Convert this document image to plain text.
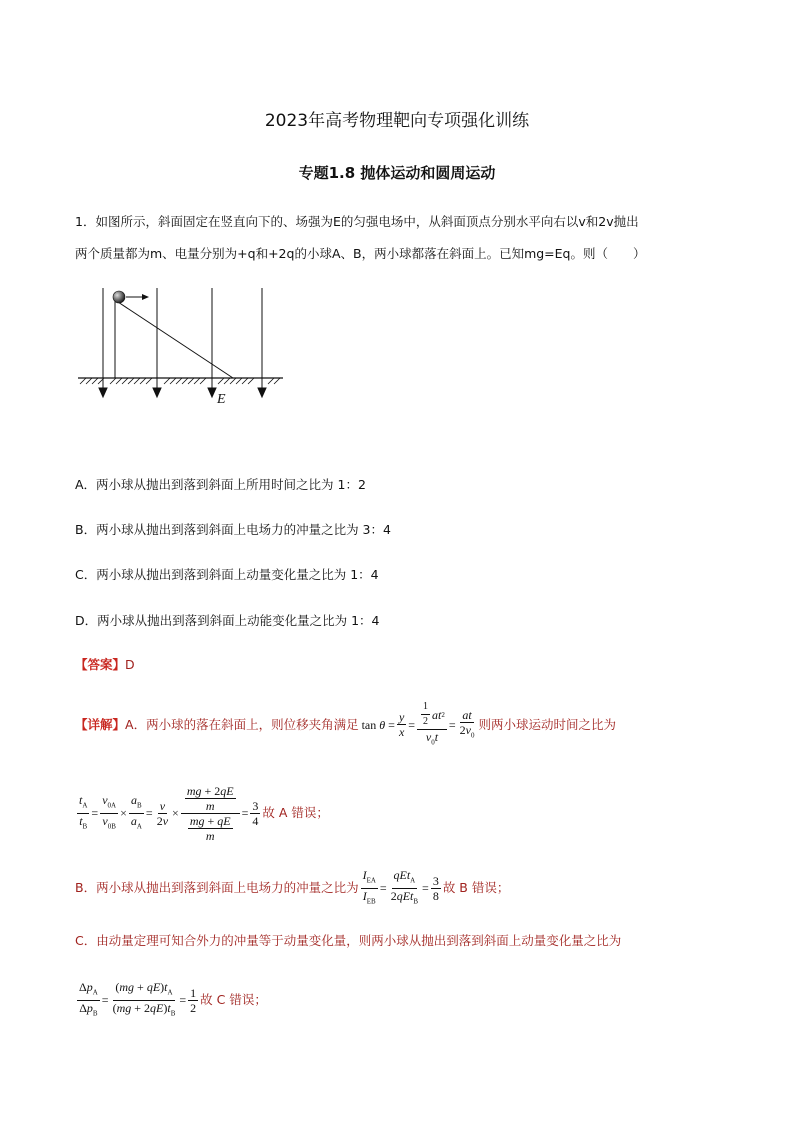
2023年高考物理靶向专项强化训练
专题1.8 抛体运动和圆周运动
1．如图所示，斜面固定在竖直向下的、场强为E的匀强电场中，从斜面顶点分别水平向右以v和2v抛出
两个质量都为m、电量分别为+q和+2q的小球A、B，两小球都落在斜面上。已知mg=Eq。则（　　）
E
A．两小球从抛出到落到斜面上所用时间之比为 1：2
B．两小球从抛出到落到斜面上电场力的冲量之比为 3：4
C．两小球从抛出到落到斜面上动量变化量之比为 1：4
D．两小球从抛出到落到斜面上动能变化量之比为 1：4
【答案】D
【详解】 A．两小球的落在斜面上，则位移夹角满足 $\tan \theta = \frac{y}{x} = \frac{\frac{1}{2} at 2}{v_0t} = \frac{at}{2v_0}$ 则两小球运动时间之比为
$\frac{t_A}{t_B} = \frac{v_{0A}}{v_{0B}} \times \frac{a_B}{a_A} = \frac{v}{2v} \times \frac{\frac{mg + 2qE}{m}}{\frac{mg + qE}{m}} = \frac{3}{4}$ 故 A 错误；
B．两小球从抛出到落到斜面上电场力的冲量之比为 $\frac{I_{EA}}{I_{EB}} = \frac{qEt_A}{2qEt_B} = \frac{3}{8}$ 故 B 错误；
C．由动量定理可知合外力的冲量等于动量变化量，则两小球从抛出到落到斜面上动量变化量之比为
$\frac{\Delta p_A}{\Delta p_B} = \frac{(mg + qE)t_A}{(mg + 2qE)t_B} = \frac{1}{2}$ 故 C 错误；
